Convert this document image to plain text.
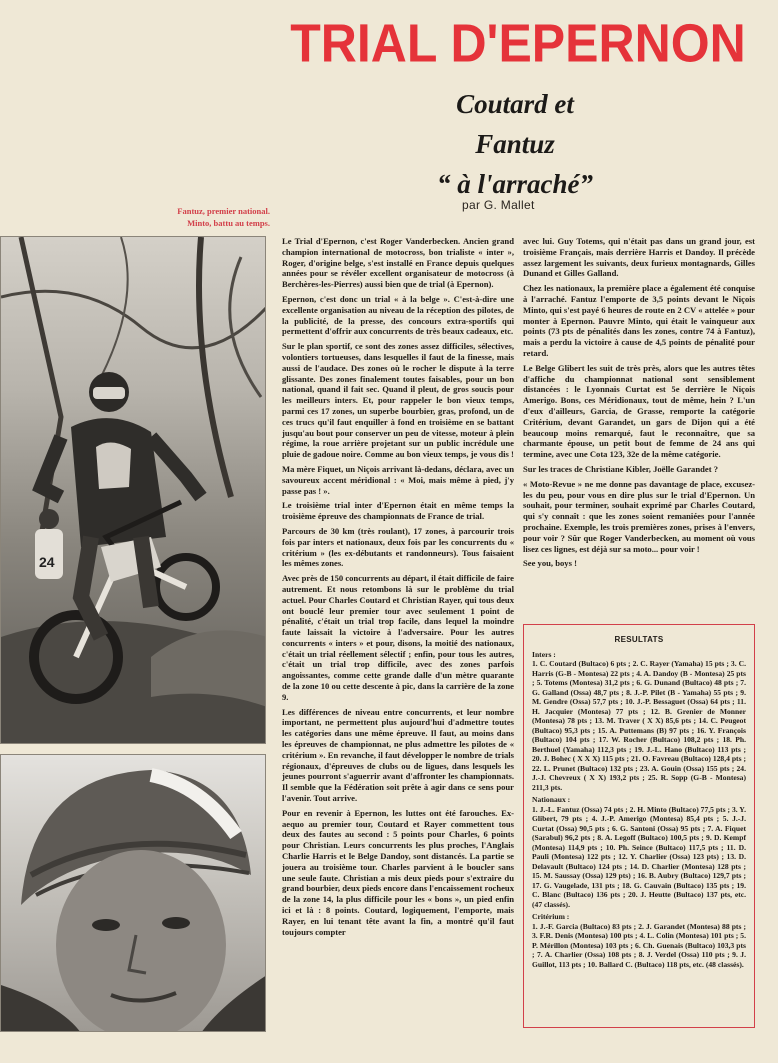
TRIAL D'EPERNON
Coutard et
Fantuz
“ à l'arraché”
par G. Mallet
Fantuz, premier national.
Minto, battu au temps.
24

Le Trial d'Epernon, c'est Roger Vanderbecken. Ancien grand champion international de motocross, bon trialiste « inter », Roger, d'origine belge, s'est installé en France depuis quelques années pour se révéler excellent organisateur de motocross (à Berchères-les-Pierres) aussi bien que de trial (à Epernon).

Epernon, c'est donc un trial « à la belge ». C'est-à-dire une excellente organisation au niveau de la réception des pilotes, de la publicité, de la presse, des concours extra-sportifs qui permettent d'offrir aux concurrents de très beaux cadeaux, etc.

Sur le plan sportif, ce sont des zones assez difficiles, sélectives, volontiers tortueuses, dans lesquelles il faut de la finesse, mais aussi de l'audace. Des zones où le rocher le dispute à la terre glissante. Des zones finalement toutes faisables, pour un bon national, quand il fait sec. Quand il pleut, de gros soucis pour les meilleurs inters. Et, pour rappeler le bon vieux temps, parmi ces 17 zones, un superbe bourbier, gras, profond, un de ces trucs qu'il faut enquiller à fond en troisième en se battant jusqu'au bout pour conserver un peu de vitesse, moteur à plein régime, la roue arrière projetant sur un public incrédule une pluie de gadoue noire. Comme au bon vieux temps, je vous dis !

Ma mère Fiquet, un Niçois arrivant là-dedans, déclara, avec un savoureux accent méridional : « Moi, mais même à pied, j'y passe pas ! ».

Le troisième trial inter d'Epernon était en même temps la troisième épreuve des championnats de France de trial.

Parcours de 30 km (très roulant), 17 zones, à parcourir trois fois par inters et nationaux, deux fois par les concurrents du « critérium » (les ex-débutants et randonneurs). Tous faisaient les mêmes zones.

Avec près de 150 concurrents au départ, il était difficile de faire autrement. Et nous retombons là sur le problème du trial actuel. Pour Charles Coutard et Christian Rayer, qui tous deux ont bouclé leur premier tour avec seulement 1 point de pénalité, c'était un trial trop facile, dans lequel la moindre faute laissait la victoire à l'adversaire. Pour les autres concurrents « inters » et pour, disons, la moitié des nationaux, c'était un trial réellement sélectif ; enfin, pour tous les autres, c'était un trial trop difficile, avec des zones parfois angoissantes, comme cette grande dalle d'un mètre quarante de la zone 10 ou cette descente à pic, dans la carrière de la zone 9.

Les différences de niveau entre concurrents, et leur nombre important, ne permettent plus aujourd'hui d'admettre toutes les catégories dans une même épreuve. Il faut, au moins dans les épreuves de championnat, ne plus admettre les pilotes de « critérium ». En revanche, il faut développer le nombre de trials régionaux, d'épreuves de clubs ou de ligues, dans lesquels les jeunes pourront s'aguerrir avant d'affronter les championnats. Il semble que la Fédération soit prête à agir dans ce sens pour l'avenir. Tout arrive.

Pour en revenir à Epernon, les luttes ont été farouches. Ex-aequo au premier tour, Coutard et Rayer commettent tous deux des fautes au second : 5 points pour Charles, 6 points pour Christian. Leurs concurrents les plus proches, l'Anglais Charlie Harris et le Belge Dandoy, sont distancés. La partie se jouera au troisième tour. Charles parvient à le boucler sans une seule faute. Christian a mis deux pieds pour s'extraire du grand bourbier, deux pieds encore dans l'encaissement rocheux de la zone 14, la plus difficile pour les « bons », un pied enfin ici et là : 8 points. Coutard, logiquement, l'emporte, mais Rayer, en lui tenant tête avant la fin, a montré qu'il faut toujours compter

avec lui. Guy Totems, qui n'était pas dans un grand jour, est troisième Français, mais derrière Harris et Dandoy. Il précède assez largement les suivants, deux furieux montagnards, Gilles Dunand et Gilles Galland.

Chez les nationaux, la première place a également été conquise à l'arraché. Fantuz l'emporte de 3,5 points devant le Niçois Minto, qui s'est payé 6 heures de route en 2 CV « attelée » pour monter à Epernon. Pauvre Minto, qui était le vainqueur aux points (73 pts de pénalités dans les zones, contre 74 à Fantuz), mais a perdu la victoire à cause de 4,5 points de pénalité pour retard.

Le Belge Glibert les suit de très près, alors que les autres têtes d'affiche du championnat national sont sensiblement distancées : le Lyonnais Curtat est 5e derrière le Niçois Amerigo. Bons, ces Méridionaux, tout de même, hein ? L'un d'eux d'ailleurs, Garcia, de Grasse, remporte la catégorie Critérium, devant Garandet, un gars de Dijon qui a été beaucoup moins remarqué, faut le reconnaître, que sa charmante épouse, un petit bout de femme de 24 ans qui termine, avec une Cota 123, 32e de la même catégorie.

Sur les traces de Christiane Kibler, Joëlle Garandet ?

« Moto-Revue » ne me donne pas davantage de place, excusez-les du peu, pour vous en dire plus sur le trial d'Epernon. Un souhait, pour terminer, souhait exprimé par Charles Coutard, qui s'y connaît : que les zones soient remaniées pour l'année prochaine. Exemple, les trois premières zones, prises à l'envers, pour voir ? Sûr que Roger Vanderbecken, au moment où vous lisez ces lignes, est déjà sur sa moto... pour voir !

See you, boys !

RESULTATS
Inters :
1. C. Coutard (Bultaco) 6 pts ; 2. C. Rayer (Yamaha) 15 pts ; 3. C. Harris (G-B - Montesa) 22 pts ; 4. A. Dandoy (B - Montesa) 25 pts ; 5. Totems (Montesa) 31,2 pts ; 6. G. Dunand (Bultaco) 48 pts ; 7. G. Galland (Ossa) 48,7 pts ; 8. J.-P. Pilet (B - Yamaha) 55 pts ; 9. M. Gendre (Ossa) 57,7 pts ; 10. J.-P. Bessaguet (Ossa) 64 pts ; 11. H. Jacquier (Montesa) 77 pts ; 12. B. Grenier de Monner (Montesa) 78 pts ; 13. M. Traver ( X X) 85,6 pts ; 14. C. Peugeot (Bultaco) 95,3 pts ; 15. A. Puttemans (B) 97 pts ; 16. Y. François (Bultaco) 104 pts ; 17. W. Rocher (Bultaco) 108,2 pts ; 18. Ph. Berthuel (Yamaha) 112,3 pts ; 19. J.-L. Hano (Bultaco) 113 pts ; 20. J. Bohec ( X X X) 115 pts ; 21. O. Favreau (Bultaco) 128,4 pts ; 22. L. Prunet (Bultaco) 132 pts ; 23. A. Gouin (Ossa) 155 pts ; 24. J.-J. Chevreux ( X X) 193,2 pts ; 25. R. Sopp (G-B - Montesa) 211,3 pts.
Nationaux :
1. J.-L. Fantuz (Ossa) 74 pts ; 2. H. Minto (Bultaco) 77,5 pts ; 3. Y. Glibert, 79 pts ; 4. J.-P. Amerigo (Montesa) 85,4 pts ; 5. J.-J. Curtat (Ossa) 90,5 pts ; 6. G. Santoni (Ossa) 95 pts ; 7. A. Fiquet (Sarabul) 96,2 pts ; 8. A. Legoff (Bultaco) 100,5 pts ; 9. D. Kempf (Montesa) 114,9 pts ; 10. Ph. Seince (Bultaco) 117,5 pts ; 11. D. Pauli (Montesa) 122 pts ; 12. Y. Charlier (Ossa) 123 pts) ; 13. D. Delavault (Bultaco) 124 pts ; 14. D. Charlier (Montesa) 128 pts ; 15. M. Saussay (Ossa) 129 pts) ; 16. B. Aubry (Bultaco) 129,7 pts ; 17. G. Vaugelade, 131 pts ; 18. G. Cauvain (Bultaco) 135 pts ; 19. C. Blanc (Bultaco) 136 pts ; 20. J. Heutte (Bultaco) 137 pts, etc. (47 classés).
Critérium :
1. J.-F. Garcia (Bultaco) 83 pts ; 2. J. Garandet (Montesa) 88 pts ; 3. F.R. Denis (Montesa) 100 pts ; 4. L. Colin (Montesa) 101 pts ; 5. P. Mérillon (Montesa) 103 pts ; 6. Ch. Guenais (Bultaco) 103,3 pts ; 7. A. Charlier (Ossa) 108 pts ; 8. J. Verdel (Ossa) 110 pts ; 9. J. Guillot, 113 pts ; 10. Ballard C. (Bultaco) 118 pts, etc. (48 classés).
